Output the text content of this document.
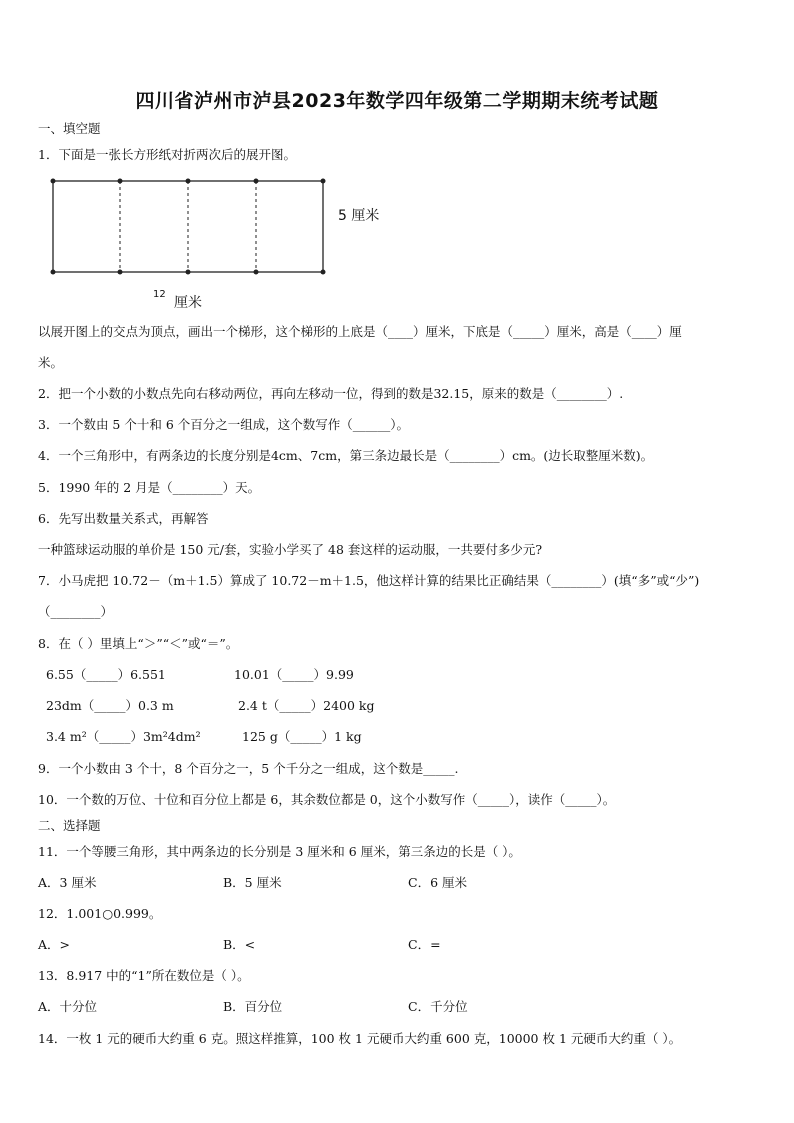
四川省泸州市泸县2023年数学四年级第二学期期末统考试题
一、填空题
1．下面是一张长方形纸对折两次后的展开图。
5 厘米
12
厘米
以展开图上的交点为顶点，画出一个梯形，这个梯形的上底是（____）厘米，下底是（_____）厘米，高是（____）厘
米。
2．把一个小数的小数点先向右移动两位，再向左移动一位，得到的数是32.15，原来的数是（________）.
3．一个数由 5 个十和 6 个百分之一组成，这个数写作（______）。
4．一个三角形中，有两条边的长度分别是4cm、7cm，第三条边最长是（________）cm。(边长取整厘米数)。
5．1990 年的 2 月是（________）天。
6．先写出数量关系式，再解答
一种篮球运动服的单价是 150 元/套，实验小学买了 48 套这样的运动服，一共要付多少元?
7．小马虎把 10.72－（m＋1.5）算成了 10.72－m＋1.5，他这样计算的结果比正确结果（________）(填“多”或“少”)
（________）
8．在（ ）里填上“＞”“＜”或“＝”。
6.55（_____）6.551	10.01（_____）9.99
23dm（_____）0.3 m	2.4 t（_____）2400 kg
3.4 m²（_____）3m²4dm²	125 g（_____）1 kg
9．一个小数由 3 个十，8 个百分之一，5 个千分之一组成，这个数是_____.
10．一个数的万位、十位和百分位上都是 6，其余数位都是 0，这个小数写作（_____），读作（_____）。
二、选择题
11．一个等腰三角形，其中两条边的长分别是 3 厘米和 6 厘米，第三条边的长是（ ）。
A．3 厘米	B．5 厘米	C．6 厘米
12．1.001○0.999。
A．>	B．<	C．=
13．8.917 中的“1”所在数位是（ ）。
A．十分位	B．百分位	C．千分位
14．一枚 1 元的硬币大约重 6 克。照这样推算，100 枚 1 元硬币大约重 600 克，10000 枚 1 元硬币大约重（ ）。
